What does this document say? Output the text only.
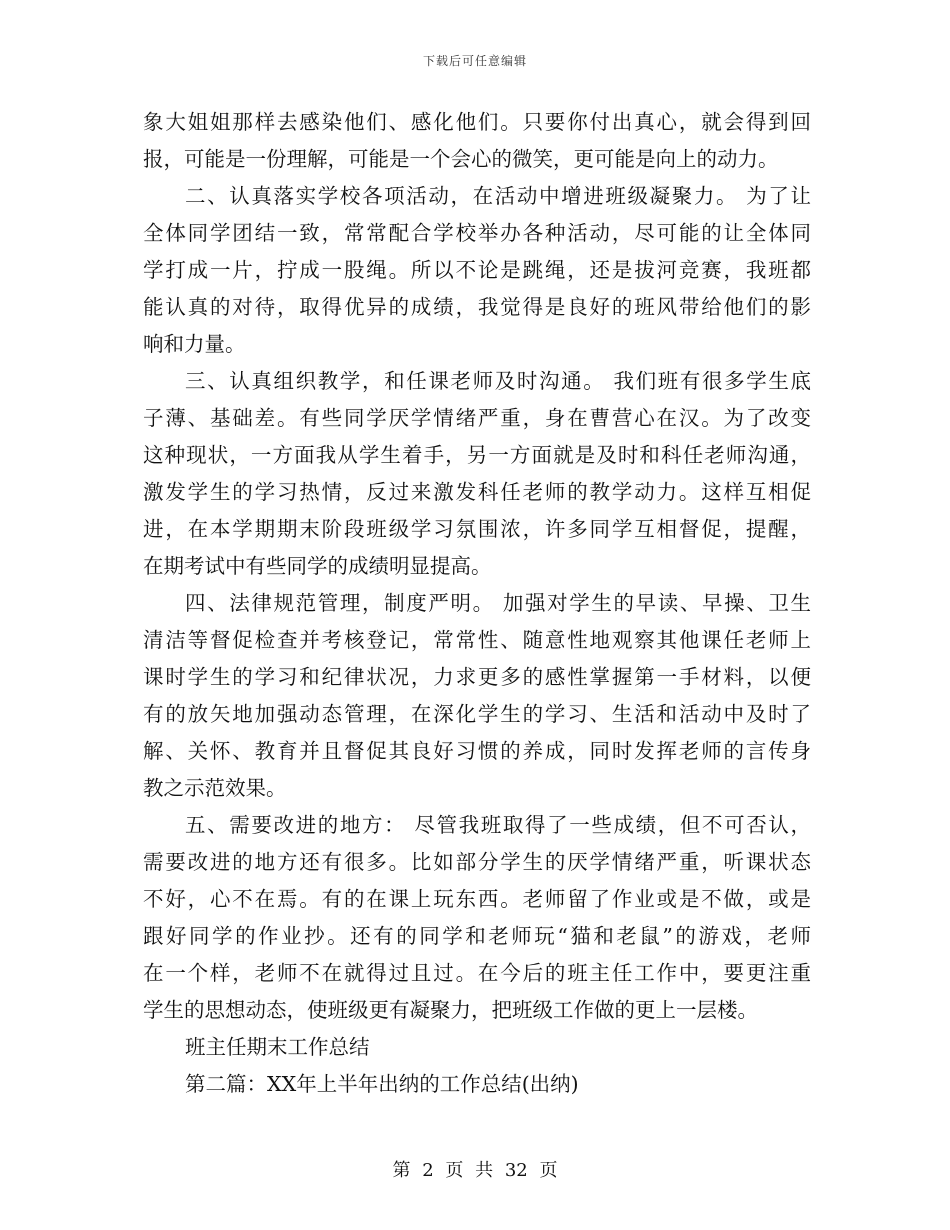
下载后可任意编辑
象大姐姐那样去感染他们、感化他们。只要你付出真心，就会得到回
报，可能是一份理解，可能是一个会心的微笑，更可能是向上的动力。
二、认真落实学校各项活动，在活动中增进班级凝聚力。 为了让
全体同学团结一致，常常配合学校举办各种活动，尽可能的让全体同
学打成一片，拧成一股绳。所以不论是跳绳，还是拔河竞赛，我班都
能认真的对待，取得优异的成绩，我觉得是良好的班风带给他们的影
响和力量。
三、认真组织教学，和任课老师及时沟通。 我们班有很多学生底
子薄、基础差。有些同学厌学情绪严重，身在曹营心在汉。为了改变
这种现状，一方面我从学生着手，另一方面就是及时和科任老师沟通，
激发学生的学习热情，反过来激发科任老师的教学动力。这样互相促
进，在本学期期末阶段班级学习氛围浓，许多同学互相督促，提醒，
在期考试中有些同学的成绩明显提高。
四、法律规范管理，制度严明。 加强对学生的早读、早操、卫生
清洁等督促检查并考核登记，常常性、随意性地观察其他课任老师上
课时学生的学习和纪律状况，力求更多的感性掌握第一手材料，以便
有的放矢地加强动态管理，在深化学生的学习、生活和活动中及时了
解、关怀、教育并且督促其良好习惯的养成，同时发挥老师的言传身
教之示范效果。
五、需要改进的地方： 尽管我班取得了一些成绩，但不可否认，
需要改进的地方还有很多。比如部分学生的厌学情绪严重，听课状态
不好，心不在焉。有的在课上玩东西。老师留了作业或是不做，或是
跟好同学的作业抄。还有的同学和老师玩“猫和老鼠”的游戏，老师
在一个样，老师不在就得过且过。在今后的班主任工作中，要更注重
学生的思想动态，使班级更有凝聚力，把班级工作做的更上一层楼。
班主任期末工作总结
第二篇：XX年上半年出纳的工作总结(出纳)
第 2 页 共 32 页
